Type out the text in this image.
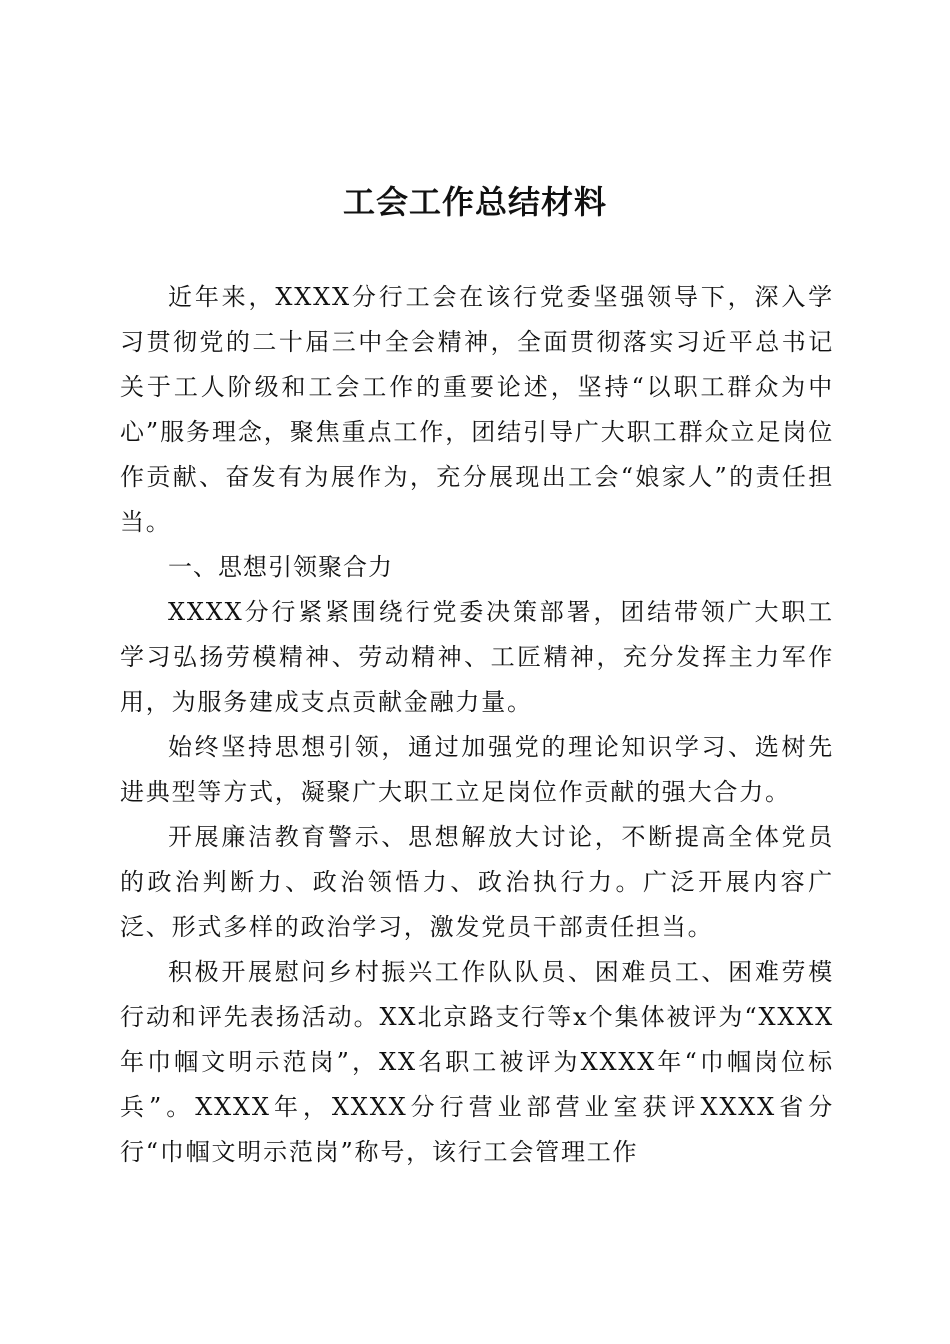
工会工作总结材料

近年来，XXXX分行工会在该行党委坚强领导下，深入学习贯彻党的二十届三中全会精神，全面贯彻落实习近平总书记关于工人阶级和工会工作的重要论述，坚持“以职工群众为中心”服务理念，聚焦重点工作，团结引导广大职工群众立足岗位作贡献、奋发有为展作为，充分展现出工会“娘家人”的责任担当。

一、思想引领聚合力

XXXX分行紧紧围绕行党委决策部署，团结带领广大职工学习弘扬劳模精神、劳动精神、工匠精神，充分发挥主力军作用，为服务建成支点贡献金融力量。

始终坚持思想引领，通过加强党的理论知识学习、选树先进典型等方式，凝聚广大职工立足岗位作贡献的强大合力。

开展廉洁教育警示、思想解放大讨论，不断提高全体党员的政治判断力、政治领悟力、政治执行力。广泛开展内容广泛、形式多样的政治学习，激发党员干部责任担当。

积极开展慰问乡村振兴工作队队员、困难员工、困难劳模行动和评先表扬活动。XX北京路支行等x个集体被评为“XXXX年巾帼文明示范岗”，XX名职工被评为XXXX年“巾帼岗位标兵”。XXXX年，XXXX分行营业部营业室获评XXXX省分行“巾帼文明示范岗”称号，该行工会管理工作
